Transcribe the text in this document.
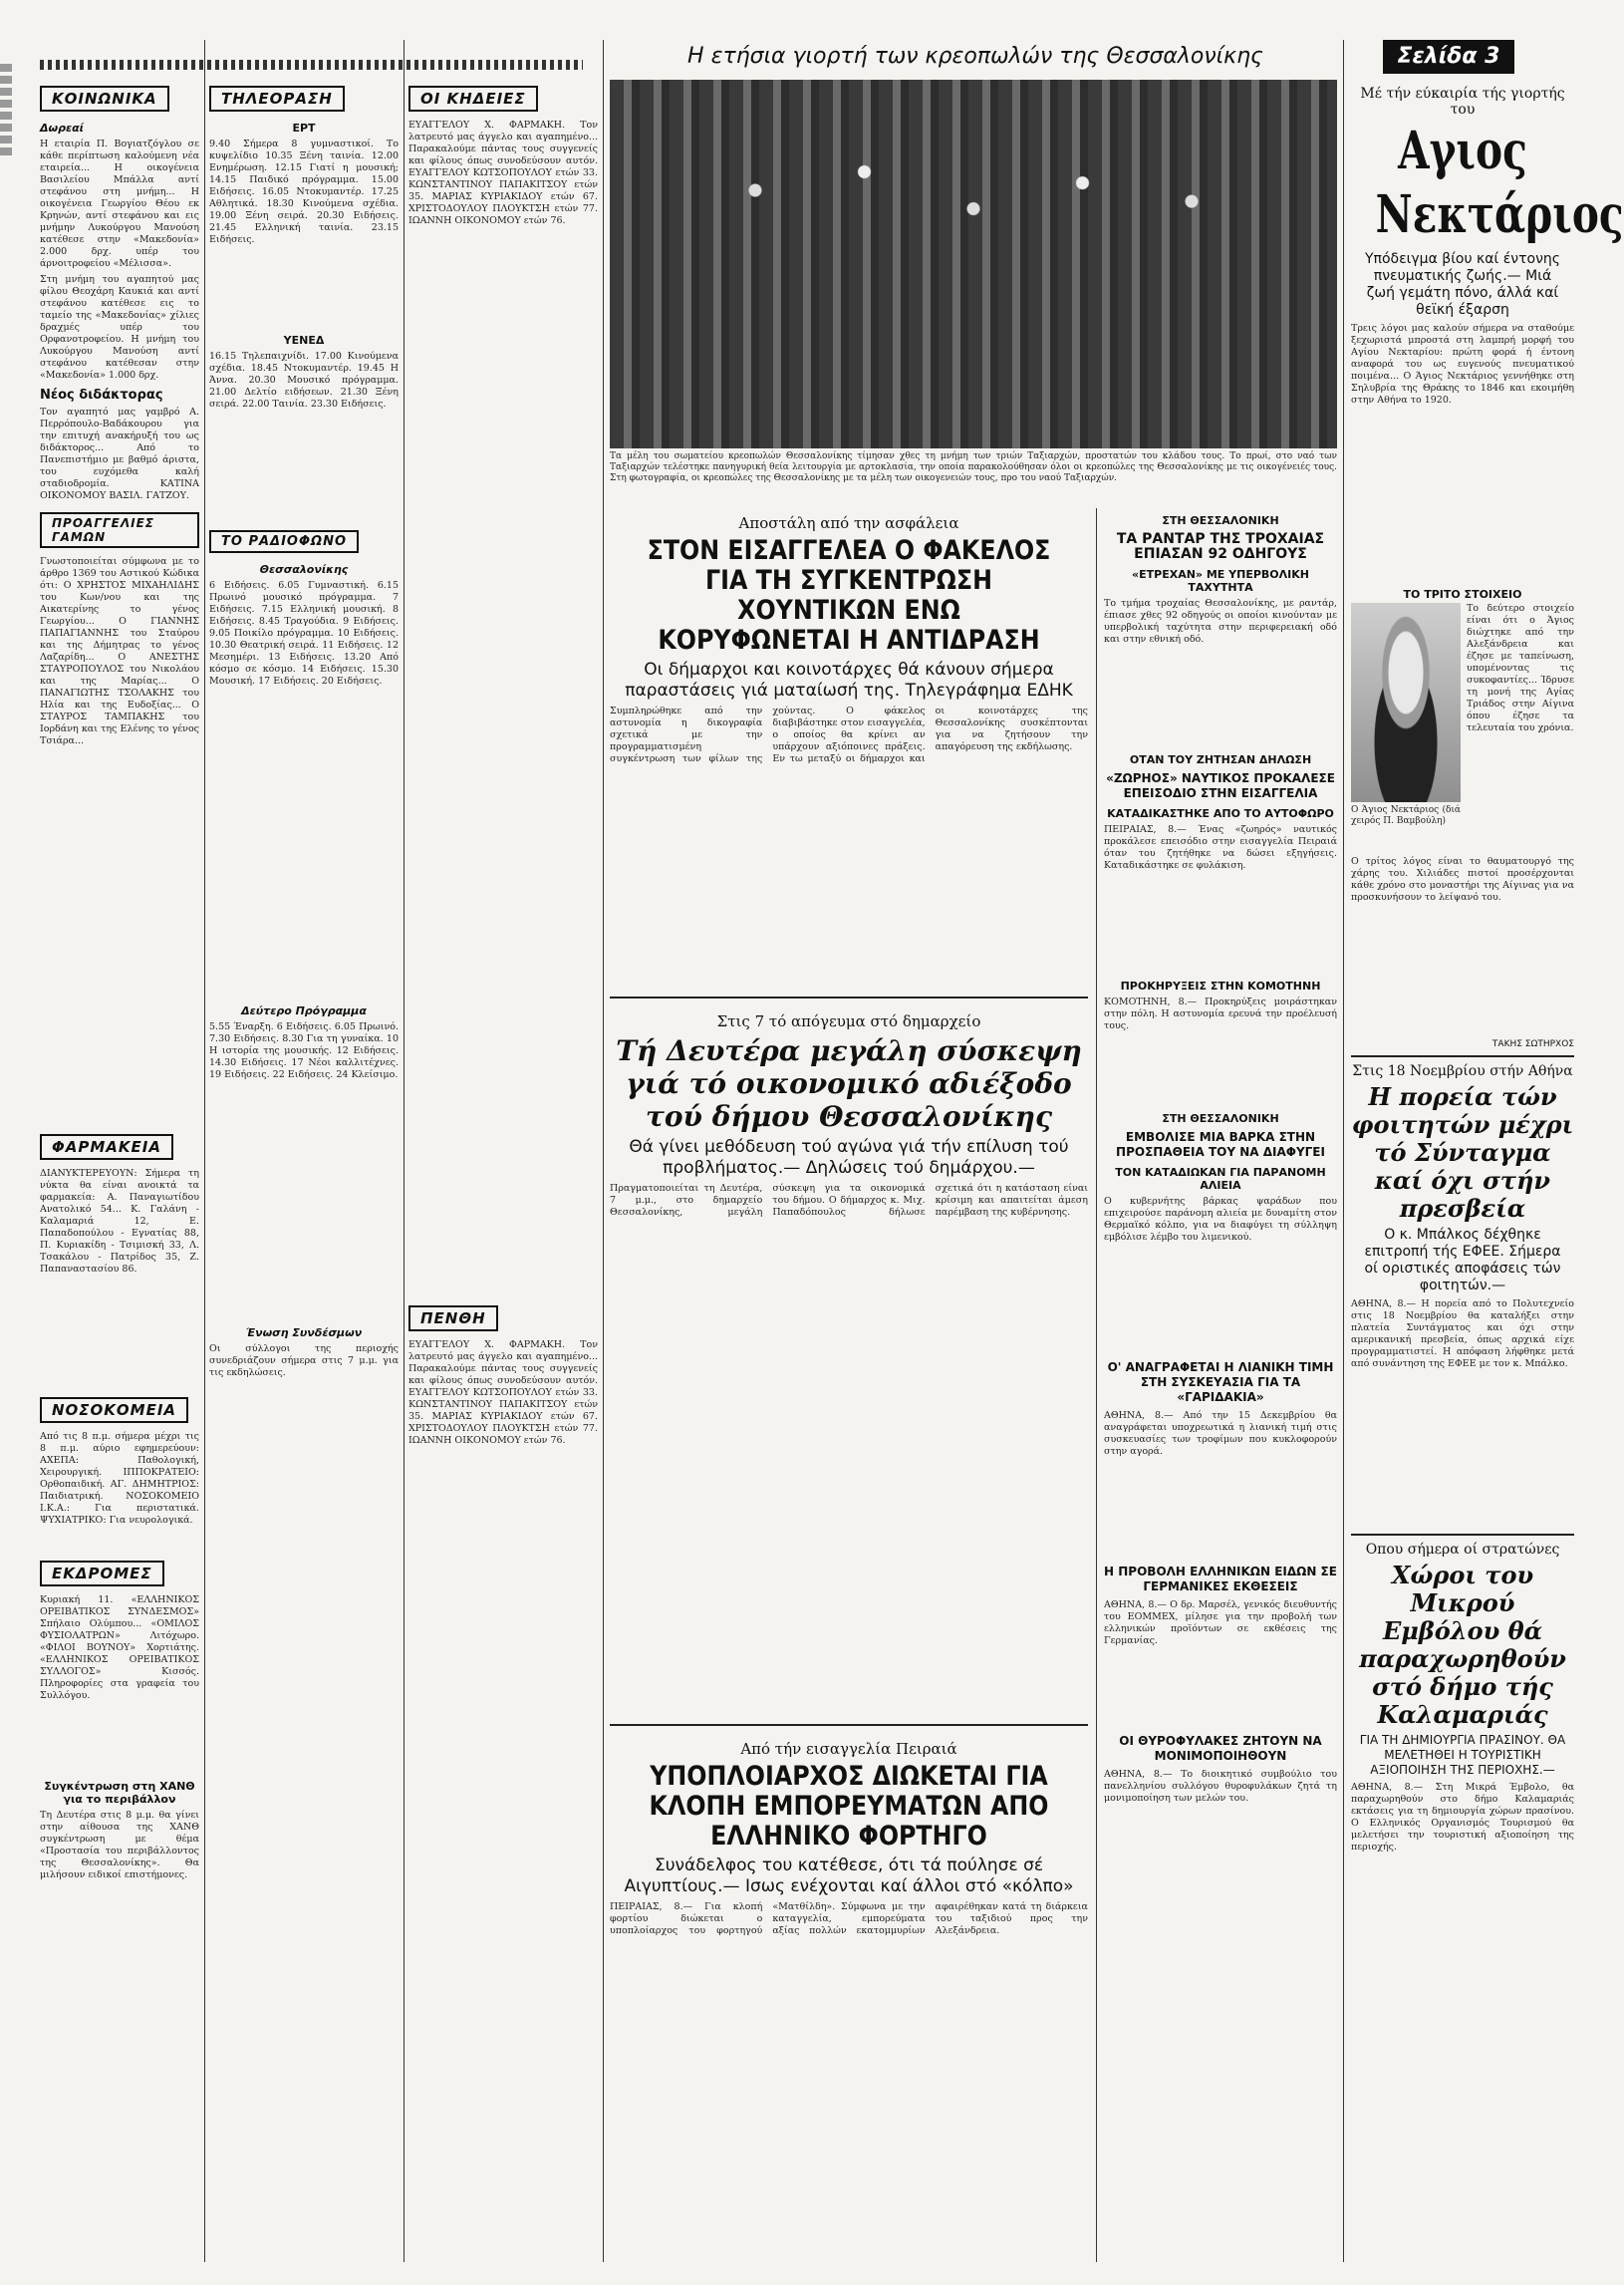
Η ετήσια γιορτή των κρεοπωλών της Θεσσαλονίκης	Σελίδα 3
ΚΟΙΝΩΝΙΚΑ
Δωρεαί

Η εταιρία Π. Βογιατζόγλου σε κάθε περίπτωση καλούμενη νέα εταιρεία... Η οικογένεια Βασιλείου Μπάλλα αντί στεφάνου στη μνήμη... Η οικογένεια Γεωργίου Θέου εκ Κρηνών, αντί στεφάνου και εις μνήμην Λυκούργου Μανούση κατέθεσε στην «Μακεδονία» 2.000 δρχ. υπέρ του άρνοιτροφείου «Μέλισσα».

Στη μνήμη του αγαπητού μας φίλου Θεοχάρη Καυκιά και αντί στεφάνου κατέθεσε εις το ταμείο της «Μακεδονίας» χίλιες δραχμές υπέρ του Ορφανοτροφείου. Η μνήμη του Λυκούργου Μανούση αντί στεφάνου κατέθεσαν στην «Μακεδονία» 1.000 δρχ.

Νέος διδάκτορας

Τον αγαπητό μας γαμβρό Α. Περρόπουλο-Βαδάκουρου για την επιτυχή ανακήρυξή του ως διδάκτορος... Από το Πανεπιστήμιο με βαθμό άριστα, του ευχόμεθα καλή σταδιοδρομία. ΚΑΤΙΝΑ ΟΙΚΟΝΟΜΟΥ ΒΑΣΙΛ. ΓΑΤΖΟΥ.

ΠΡΟΑΓΓΕΛΙΕΣ ΓΑΜΩΝ

Γνωστοποιείται σύμφωνα με το άρθρο 1369 του Αστικού Κώδικα ότι: Ο ΧΡΗΣΤΟΣ ΜΙΧΑΗΛΙΔΗΣ του Κων/νου και της Αικατερίνης το γένος Γεωργίου... Ο ΓΙΑΝΝΗΣ ΠΑΠΑΓΙΑΝΝΗΣ του Σταύρου και της Δήμητρας το γένος Λαζαρίδη... Ο ΑΝΕΣΤΗΣ ΣΤΑΥΡΟΠΟΥΛΟΣ του Νικολάου και της Μαρίας... Ο ΠΑΝΑΓΙΩΤΗΣ ΤΣΟΛΑΚΗΣ του Ηλία και της Ευδοξίας... Ο ΣΤΑΥΡΟΣ ΤΑΜΠΑΚΗΣ του Ιορδάνη και της Ελένης το γένος Τσιάρα...

ΦΑΡΜΑΚΕΙΑ

ΔΙΑΝΥΚΤΕΡΕΥΟΥΝ: Σήμερα τη νύκτα θα είναι ανοικτά τα φαρμακεία: Α. Παναγιωτίδου Ανατολικό 54... Κ. Γαλάνη - Καλαμαριά 12, Ε. Παπαδοπούλου - Εγνατίας 88, Π. Κυριακίδη - Τσιμισκή 33, Λ. Τσακάλου - Πατρίδος 35, Ζ. Παπαναστασίου 86.

ΝΟΣΟΚΟΜΕΙΑ

Από τις 8 π.μ. σήμερα μέχρι τις 8 π.μ. αύριο εφημερεύουν: ΑΧΕΠΑ: Παθολογική, Χειρουργική. ΙΠΠΟΚΡΑΤΕΙΟ: Ορθοπαιδική. ΑΓ. ΔΗΜΗΤΡΙΟΣ: Παιδιατρική. ΝΟΣΟΚΟΜΕΙΟ Ι.Κ.Α.: Για περιστατικά. ΨΥΧΙΑΤΡΙΚΟ: Για νευρολογικά.

ΕΚΔΡΟΜΕΣ

Κυριακή 11. «ΕΛΛΗΝΙΚΟΣ ΟΡΕΙΒΑΤΙΚΟΣ ΣΥΝΔΕΣΜΟΣ» Σπήλαιο Ολύμπου... «ΟΜΙΛΟΣ ΦΥΣΙΟΛΑΤΡΩΝ» Λιτόχωρο. «ΦΙΛΟΙ ΒΟΥΝΟΥ» Χορτιάτης. «ΕΛΛΗΝΙΚΟΣ ΟΡΕΙΒΑΤΙΚΟΣ ΣΥΛΛΟΓΟΣ» Κισσός. Πληροφορίες στα γραφεία του Συλλόγου.

Συγκέντρωση στη ΧΑΝΘ για το περιβάλλον

Τη Δευτέρα στις 8 μ.μ. θα γίνει στην αίθουσα της ΧΑΝΘ συγκέντρωση με θέμα «Προστασία του περιβάλλοντος της Θεσσαλονίκης». Θα μιλήσουν ειδικοί επιστήμονες.

ΤΗΛΕΟΡΑΣΗ
ΕΡΤ

9.40 Σήμερα 8 γυμναστικοί. Το κυψελίδιο 10.35 Ξένη ταινία. 12.00 Ενημέρωση. 12.15 Γιατί η μουσική; 14.15 Παιδικό πρόγραμμα. 15.00 Ειδήσεις. 16.05 Ντοκυμαντέρ. 17.25 Αθλητικά. 18.30 Κινούμενα σχέδια. 19.00 Ξένη σειρά. 20.30 Ειδήσεις. 21.45 Ελληνική ταινία. 23.15 Ειδήσεις.

ΥΕΝΕΔ

16.15 Τηλεπαιχνίδι. 17.00 Κινούμενα σχέδια. 18.45 Ντοκυμαντέρ. 19.45 Η Άννα. 20.30 Μουσικό πρόγραμμα. 21.00 Δελτίο ειδήσεων. 21.30 Ξένη σειρά. 22.00 Ταινία. 23.30 Ειδήσεις.

ΤΟ ΡΑΔΙΟΦΩΝΟ
Θεσσαλονίκης

6 Ειδήσεις. 6.05 Γυμναστική. 6.15 Πρωινό μουσικό πρόγραμμα. 7 Ειδήσεις. 7.15 Ελληνική μουσική. 8 Ειδήσεις. 8.45 Τραγούδια. 9 Ειδήσεις. 9.05 Ποικίλο πρόγραμμα. 10 Ειδήσεις. 10.30 Θεατρική σειρά. 11 Ειδήσεις. 12 Μεσημέρι. 13 Ειδήσεις. 13.20 Από κόσμο σε κόσμο. 14 Ειδήσεις. 15.30 Μουσική. 17 Ειδήσεις. 20 Ειδήσεις.

Δεύτερο Πρόγραμμα

5.55 Έναρξη. 6 Ειδήσεις. 6.05 Πρωινό. 7.30 Ειδήσεις. 8.30 Για τη γυναίκα. 10 Η ιστορία της μουσικής. 12 Ειδήσεις. 14.30 Ειδήσεις. 17 Νέοι καλλιτέχνες. 19 Ειδήσεις. 22 Ειδήσεις. 24 Κλείσιμο.

Ένωση Συνδέσμων

Οι σύλλογοι της περιοχής συνεδριάζουν σήμερα στις 7 μ.μ. για τις εκδηλώσεις.

ΟΙ ΚΗΔΕΙΕΣ

ΕΥΑΓΓΕΛΟΥ Χ. ΦΑΡΜΑΚΗ. Τον λατρευτό μας άγγελο και αγαπημένο... Παρακαλούμε πάντας τους συγγενείς και φίλους όπως συνοδεύσουν αυτόν. ΕΥΑΓΓΕΛΟΥ ΚΩΤΣΟΠΟΥΛΟΥ ετών 33. ΚΩΝΣΤΑΝΤΙΝΟΥ ΠΑΠΑΚΙΤΣΟΥ ετών 35. ΜΑΡΙΑΣ ΚΥΡΙΑΚΙΔΟΥ ετών 67. ΧΡΙΣΤΟΔΟΥΛΟΥ ΠΛΟΥΚΤΣΗ ετών 77. ΙΩΑΝΝΗ ΟΙΚΟΝΟΜΟΥ ετών 76.

ΠΕΝΘΗ

ΕΥΑΓΓΕΛΟΥ Χ. ΦΑΡΜΑΚΗ. Τον λατρευτό μας άγγελο και αγαπημένο... Παρακαλούμε πάντας τους συγγενείς και φίλους όπως συνοδεύσουν αυτόν. ΕΥΑΓΓΕΛΟΥ ΚΩΤΣΟΠΟΥΛΟΥ ετών 33. ΚΩΝΣΤΑΝΤΙΝΟΥ ΠΑΠΑΚΙΤΣΟΥ ετών 35. ΜΑΡΙΑΣ ΚΥΡΙΑΚΙΔΟΥ ετών 67. ΧΡΙΣΤΟΔΟΥΛΟΥ ΠΛΟΥΚΤΣΗ ετών 77. ΙΩΑΝΝΗ ΟΙΚΟΝΟΜΟΥ ετών 76.

Τα μέλη του σωματείου κρεοπωλών Θεσσαλονίκης τίμησαν χθες τη μνήμη των τριών Ταξιαρχών, προστατών του κλάδου τους. Το πρωί, στο ναό των Ταξιαρχών τελέστηκε πανηγυρική θεία λειτουργία με αρτοκλασία, την οποία παρακολούθησαν όλοι οι κρεοπώλες της Θεσσαλονίκης με τις οικογένειές τους. Στη φωτογραφία, οι κρεοπώλες της Θεσσαλονίκης με τα μέλη των οικογενειών τους, προ του ναού Ταξιαρχών.

Αποστάλη από την ασφάλεια
ΣΤΟΝ ΕΙΣΑΓΓΕΛΕΑ Ο ΦΑΚΕΛΟΣ ΓΙΑ ΤΗ ΣΥΓΚΕΝΤΡΩΣΗ ΧΟΥΝΤΙΚΩΝ ΕΝΩ ΚΟΡΥΦΩΝΕΤΑΙ Η ΑΝΤΙΔΡΑΣΗ
Οι δήμαρχοι και κοινοτάρχες θά κάνουν σήμερα παραστάσεις γιά ματαίωσή της. Τηλεγράφημα ΕΔΗΚ

Συμπληρώθηκε από την αστυνομία η δικογραφία σχετικά με την προγραμματισμένη συγκέντρωση των φίλων της χούντας. Ο φάκελος διαβιβάστηκε στον εισαγγελέα, ο οποίος θα κρίνει αν υπάρχουν αξιόποινες πράξεις. Εν τω μεταξύ οι δήμαρχοι και οι κοινοτάρχες της Θεσσαλονίκης συσκέπτονται για να ζητήσουν την απαγόρευση της εκδήλωσης.

Στις 7 τό απόγευμα στό δημαρχείο
Τή Δευτέρα μεγάλη σύσκεψη γιά τό οικονομικό αδιέξοδο τού δήμου Θεσσαλονίκης
Θά γίνει μεθόδευση τού αγώνα γιά τήν επίλυση τού προβλήματος.— Δηλώσεις τού δημάρχου.—

Πραγματοποιείται τη Δευτέρα, 7 μ.μ., στο δημαρχείο Θεσσαλονίκης, μεγάλη σύσκεψη για τα οικονομικά του δήμου. Ο δήμαρχος κ. Μιχ. Παπαδόπουλος δήλωσε σχετικά ότι η κατάσταση είναι κρίσιμη και απαιτείται άμεση παρέμβαση της κυβέρνησης.

Από τήν εισαγγελία Πειραιά
ΥΠΟΠΛΟΙΑΡΧΟΣ ΔΙΩΚΕΤΑΙ ΓΙΑ ΚΛΟΠΗ ΕΜΠΟΡΕΥΜΑΤΩΝ ΑΠΟ ΕΛΛΗΝΙΚΟ ΦΟΡΤΗΓΟ
Συνάδελφος του κατέθεσε, ότι τά πούλησε σέ Αιγυπτίους.— Ισως ενέχονται καί άλλοι στό «κόλπο»

ΠΕΙΡΑΙΑΣ, 8.— Για κλοπή φορτίου διώκεται ο υποπλοίαρχος του φορτηγού «Ματθίλδη». Σύμφωνα με την καταγγελία, εμπορεύματα αξίας πολλών εκατομμυρίων αφαιρέθηκαν κατά τη διάρκεια του ταξιδιού προς την Αλεξάνδρεια.

ΣΤΗ ΘΕΣΣΑΛΟΝΙΚΗ
ΤΑ ΡΑΝΤΑΡ ΤΗΣ ΤΡΟΧΑΙΑΣ ΕΠΙΑΣΑΝ 92 ΟΔΗΓΟΥΣ
«ΕΤΡΕΧΑΝ» ΜΕ ΥΠΕΡΒΟΛΙΚΗ ΤΑΧΥΤΗΤΑ

Το τμήμα τροχαίας Θεσσαλονίκης, με ραντάρ, έπιασε χθες 92 οδηγούς οι οποίοι κινούνταν με υπερβολική ταχύτητα στην περιφερειακή οδό και στην εθνική οδό.

ΟΤΑΝ ΤΟΥ ΖΗΤΗΣΑΝ ΔΗΛΩΣΗ
«ΖΩΡΗΟΣ» ΝΑΥΤΙΚΟΣ ΠΡΟΚΑΛΕΣΕ ΕΠΕΙΣΟΔΙΟ ΣΤΗΝ ΕΙΣΑΓΓΕΛΙΑ
ΚΑΤΑΔΙΚΑΣΤΗΚΕ ΑΠΟ ΤΟ ΑΥΤΟΦΩΡΟ

ΠΕΙΡΑΙΑΣ, 8.— Ένας «ζωηρός» ναυτικός προκάλεσε επεισόδιο στην εισαγγελία Πειραιά όταν του ζητήθηκε να δώσει εξηγήσεις. Καταδικάστηκε σε φυλάκιση.

ΠΡΟΚΗΡΥΞΕΙΣ ΣΤΗΝ ΚΟΜΟΤΗΝΗ

ΚΟΜΟΤΗΝΗ, 8.— Προκηρύξεις μοιράστηκαν στην πόλη. Η αστυνομία ερευνά την προέλευσή τους.

ΣΤΗ ΘΕΣΣΑΛΟΝΙΚΗ
ΕΜΒΟΛΙΣΕ ΜΙΑ ΒΑΡΚΑ ΣΤΗΝ ΠΡΟΣΠΑΘΕΙΑ ΤΟΥ ΝΑ ΔΙΑΦΥΓΕΙ
ΤΟΝ ΚΑΤΑΔΙΩΚΑΝ ΓΙΑ ΠΑΡΑΝΟΜΗ ΑΛΙΕΙΑ

Ο κυβερνήτης βάρκας ψαράδων που επιχειρούσε παράνομη αλιεία με δυναμίτη στον Θερμαϊκό κόλπο, για να διαφύγει τη σύλληψη εμβόλισε λέμβο του λιμενικού.

Ο' ΑΝΑΓΡΑΦΕΤΑΙ Η ΛΙΑΝΙΚΗ ΤΙΜΗ ΣΤΗ ΣΥΣΚΕΥΑΣΙΑ ΓΙΑ ΤΑ «ΓΑΡΙΔΑΚΙΑ»

ΑΘΗΝΑ, 8.— Από την 15 Δεκεμβρίου θα αναγράφεται υποχρεωτικά η λιανική τιμή στις συσκευασίες των τροφίμων που κυκλοφορούν στην αγορά.

Η ΠΡΟΒΟΛΗ ΕΛΛΗΝΙΚΩΝ ΕΙΔΩΝ ΣΕ ΓΕΡΜΑΝΙΚΕΣ ΕΚΘΕΣΕΙΣ

ΑΘΗΝΑ, 8.— Ο δρ. Μαρσέλ, γενικός διευθυντής του ΕΟΜΜΕΧ, μίλησε για την προβολή των ελληνικών προϊόντων σε εκθέσεις της Γερμανίας.

ΟΙ ΘΥΡΟΦΥΛΑΚΕΣ ΖΗΤΟΥΝ ΝΑ ΜΟΝΙΜΟΠΟΙΗΘΟΥΝ

ΑΘΗΝΑ, 8.— Το διοικητικό συμβούλιο του πανελληνίου συλλόγου θυροφυλάκων ζητά τη μονιμοποίηση των μελών του.

Μέ τήν εύκαιρία τής γιορτής του
Αγιος Νεκτάριος
Υπόδειγμα βίου καί έντονης πνευματικής ζωής.— Μιά ζωή γεμάτη πόνο, άλλά καί θεϊκή έξαρση

Τρεις λόγοι μας καλούν σήμερα να σταθούμε ξεχωριστά μπροστά στη λαμπρή μορφή του Αγίου Νεκταρίου: πρώτη φορά ή έντονη αναφορά του ως ευγενούς πνευματικού ποιμένα... Ο Άγιος Νεκτάριος γεννήθηκε στη Σηλυβρία της Θράκης το 1846 και εκοιμήθη στην Αθήνα το 1920.

ΤΟ ΤΡΙΤΟ ΣΤΟΙΧΕΙΟ

Ο Άγιος Νεκτάριος (διά χειρός Π. Βαμβούλη)

Το δεύτερο στοιχείο είναι ότι ο Άγιος διώχτηκε από την Αλεξάνδρεια και έζησε με ταπείνωση, υπομένοντας τις συκοφαντίες... Ίδρυσε τη μονή της Αγίας Τριάδος στην Αίγινα όπου έζησε τα τελευταία του χρόνια.

Ο τρίτος λόγος είναι το θαυματουργό της χάρης του. Χιλιάδες πιστοί προσέρχονται κάθε χρόνο στο μοναστήρι της Αίγινας για να προσκυνήσουν το λείψανό του.

ΤΑΚΗΣ ΣΩΤΗΡΧΟΣ
Στις 18 Νοεμβρίου στήν Αθήνα
Η πορεία τών φοιτητών μέχρι τό Σύνταγμα καί όχι στήν πρεσβεία
Ο κ. Μπάλκος δέχθηκε επιτροπή τής ΕΦΕΕ. Σήμερα οί οριστικές αποφάσεις τών φοιτητών.—

ΑΘΗΝΑ, 8.— Η πορεία από το Πολυτεχνείο στις 18 Νοεμβρίου θα καταλήξει στην πλατεία Συντάγματος και όχι στην αμερικανική πρεσβεία, όπως αρχικά είχε προγραμματιστεί. Η απόφαση λήφθηκε μετά από συνάντηση της ΕΦΕΕ με τον κ. Μπάλκο.

Οπου σήμερα οί στρατώνες
Χώροι του Μικρού Εμβόλου θά παραχωρηθούν στό δήμο τής Καλαμαριάς
ΓΙΑ ΤΗ ΔΗΜΙΟΥΡΓΙΑ ΠΡΑΣΙΝΟΥ. ΘΑ ΜΕΛΕΤΗΘΕΙ Η ΤΟΥΡΙΣΤΙΚΗ ΑΞΙΟΠΟΙΗΣΗ ΤΗΣ ΠΕΡΙΟΧΗΣ.—

ΑΘΗΝΑ, 8.— Στη Μικρά Έμβολο, θα παραχωρηθούν στο δήμο Καλαμαριάς εκτάσεις για τη δημιουργία χώρων πρασίνου. Ο Ελληνικός Οργανισμός Τουρισμού θα μελετήσει την τουριστική αξιοποίηση της περιοχής.
